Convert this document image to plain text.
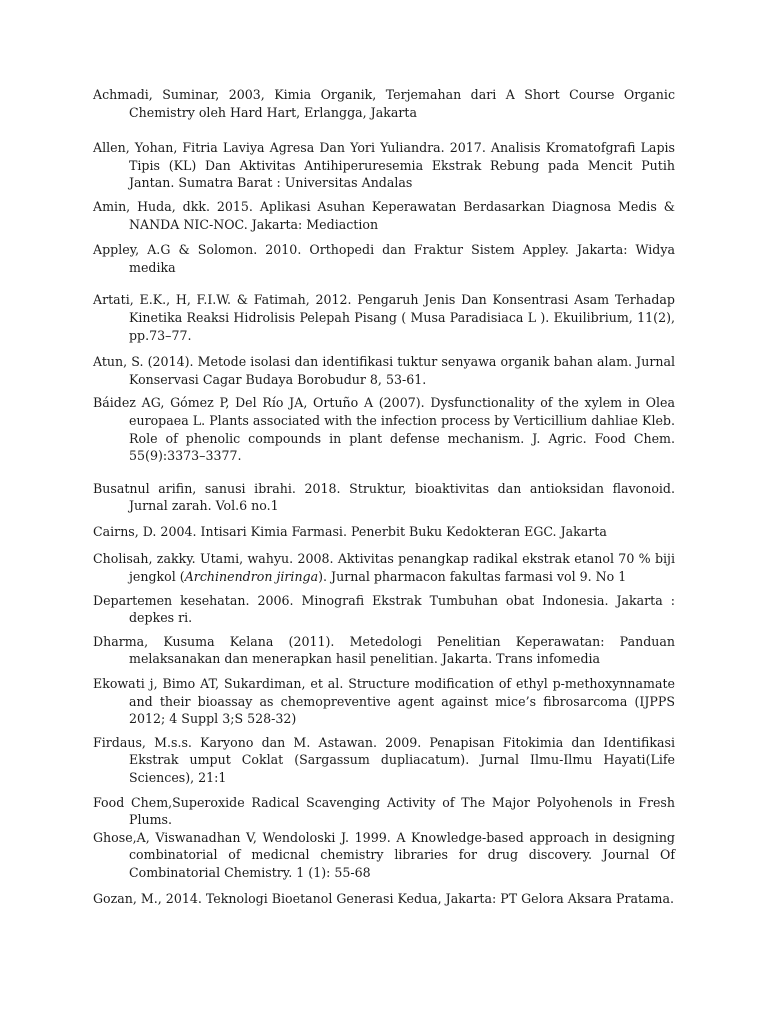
Achmadi, Suminar, 2003, Kimia Organik, Terjemahan dari A Short Course Organic Chemistry oleh Hard Hart, Erlangga, Jakarta

Allen, Yohan, Fitria Laviya Agresa Dan Yori Yuliandra. 2017. Analisis Kromatofgrafi Lapis Tipis (KL) Dan Aktivitas Antihiperuresemia Ekstrak Rebung pada Mencit Putih Jantan. Sumatra Barat : Universitas Andalas

Amin, Huda, dkk. 2015. Aplikasi Asuhan Keperawatan Berdasarkan Diagnosa Medis & NANDA NIC-NOC. Jakarta: Mediaction

Appley, A.G & Solomon. 2010. Orthopedi dan Fraktur Sistem Appley. Jakarta: Widya medika

Artati, E.K., H, F.I.W. & Fatimah, 2012. Pengaruh Jenis Dan Konsentrasi Asam Terhadap Kinetika Reaksi Hidrolisis Pelepah Pisang ( Musa Paradisiaca L ). Ekuilibrium, 11(2), pp.73–77.

Atun, S. (2014). Metode isolasi dan identifikasi tuktur senyawa organik bahan alam. Jurnal Konservasi Cagar Budaya Borobudur 8, 53-61.

Báidez AG, Gómez P, Del Río JA, Ortuño A (2007). Dysfunctionality of the xylem in Olea europaea L. Plants associated with the infection process by Verticillium dahliae Kleb. Role of phenolic compounds in plant defense mechanism. J. Agric. Food Chem. 55(9):3373–3377.

Busatnul arifin, sanusi ibrahi. 2018. Struktur, bioaktivitas dan antioksidan flavonoid. Jurnal zarah. Vol.6 no.1

Cairns, D. 2004. Intisari Kimia Farmasi. Penerbit Buku Kedokteran EGC. Jakarta

Cholisah, zakky. Utami, wahyu. 2008. Aktivitas penangkap radikal ekstrak etanol 70 % biji jengkol (Archinendron jiringa). Jurnal pharmacon fakultas farmasi vol 9. No 1

Departemen kesehatan. 2006. Minografi Ekstrak Tumbuhan obat Indonesia. Jakarta : depkes ri.

Dharma, Kusuma Kelana (2011). Metedologi Penelitian Keperawatan: Panduan melaksanakan dan menerapkan hasil penelitian. Jakarta. Trans infomedia

Ekowati j, Bimo AT, Sukardiman, et al. Structure modification of ethyl p-methoxynnamate and their bioassay as chemopreventive agent against mice’s fibrosarcoma (IJPPS 2012; 4 Suppl 3;S 528-32)

Firdaus, M.s.s. Karyono dan M. Astawan. 2009. Penapisan Fitokimia dan Identifikasi Ekstrak umput Coklat (Sargassum dupliacatum). Jurnal Ilmu-Ilmu Hayati(Life Sciences), 21:1

Food Chem,Superoxide Radical Scavenging Activity of The Major Polyohenols in Fresh Plums.

Ghose,A, Viswanadhan V, Wendoloski J. 1999. A Knowledge-based approach in designing combinatorial of medicnal chemistry libraries for drug discovery. Journal Of Combinatorial Chemistry. 1 (1): 55-68

Gozan, M., 2014. Teknologi Bioetanol Generasi Kedua, Jakarta: PT Gelora Aksara Pratama.
